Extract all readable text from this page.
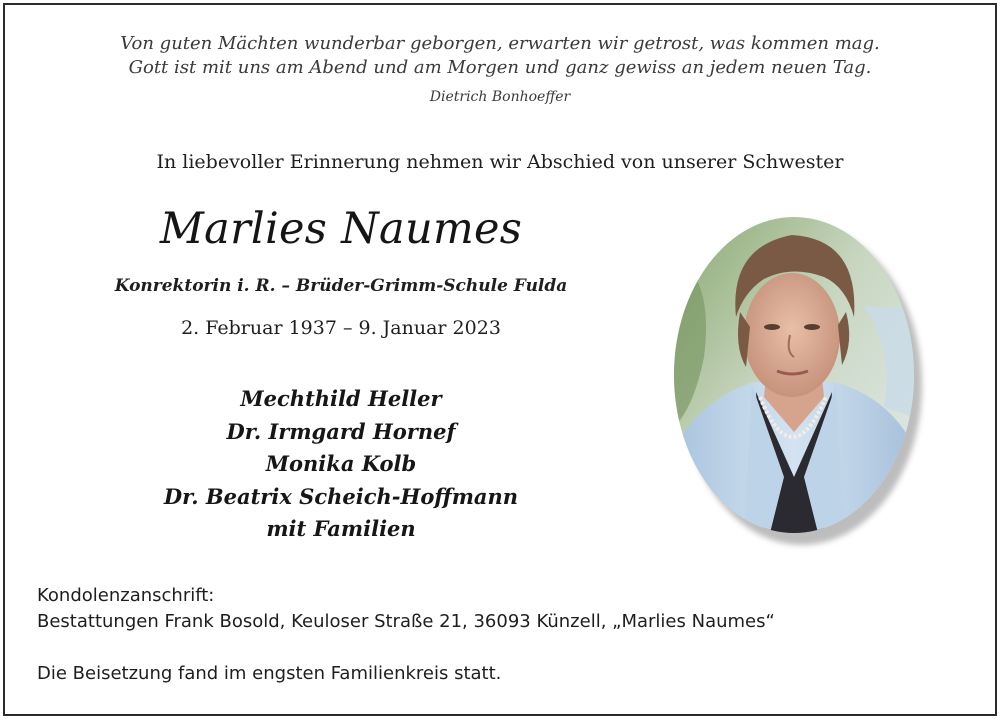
Von guten Mächten wunderbar geborgen, erwarten wir getrost, was kommen mag.
Gott ist mit uns am Abend und am Morgen und ganz gewiss an jedem neuen Tag.
Dietrich Bonhoeffer
In liebevoller Erinnerung nehmen wir Abschied von unserer Schwester
Marlies Naumes
Konrektorin i. R. – Brüder-Grimm-Schule Fulda
2. Februar 1937 – 9. Januar 2023
Mechthild Heller
Dr. Irmgard Hornef
Monika Kolb
Dr. Beatrix Scheich-Hoffmann
mit Familien
Kondolenzanschrift:
Bestattungen Frank Bosold, Keuloser Straße 21, 36093 Künzell, „Marlies Naumes“
Die Beisetzung fand im engsten Familienkreis statt.
